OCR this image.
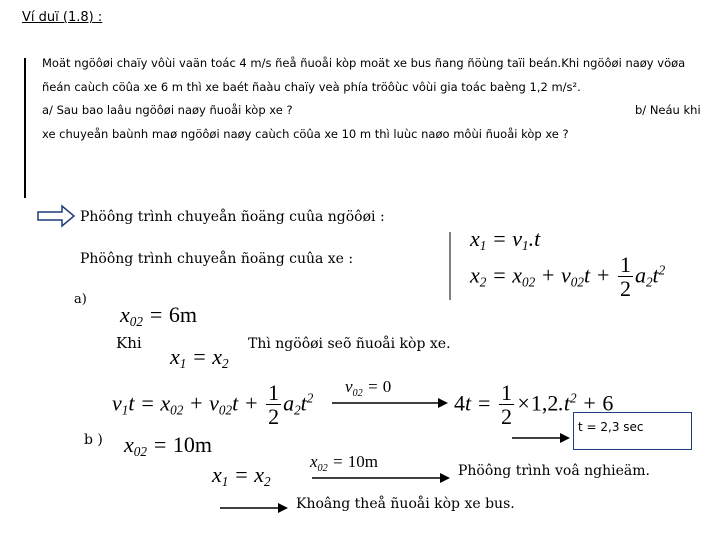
Ví duï (1.8) :
Moät ngöôøi chaïy vôùi vaän toác 4 m/s ñeå ñuoåi kòp moät xe bus ñang ñöùng taïi beán.Khi ngöôøi naøy vöøa
ñeán caùch cöûa xe 6 m thì xe baét ñaàu chaïy veà phía tröôùc vôùi gia toác baèng 1,2 m/s².
a/ Sau bao laâu ngöôøi naøy ñuoåi kòp xe ?	b/ Neáu khi
xe chuyeån baùnh maø ngöôøi naøy caùch cöûa xe 10 m thì luùc naøo môùi ñuoåi kòp xe ?
Phöông trình chuyeån ñoäng cuûa ngöôøi :
Phöông trình chuyeån ñoäng cuûa xe :
$x_1 = v_1.t$
$x_2 = x_{02} + v_{02}t + \frac{1}{2} a_2t^2$
a)
$x_{02} = 6m$
Khi
$x_1 = x_2$
Thì ngöôøi seõ ñuoåi kòp xe.
$v_{02} = 0$
$v_1t = x_{02} + v_{02}t + \frac{1}{2} a_2t^2$	$4t = \frac{1}{2} \times 1,2.t^2 + 6$
t = 2,3 sec
b ) $x_{02} = 10m$
$x_{02} = 10m$
$x_1 = x_2$
Phöông trình voâ nghieäm.
Khoâng theå ñuoåi kòp xe bus.
